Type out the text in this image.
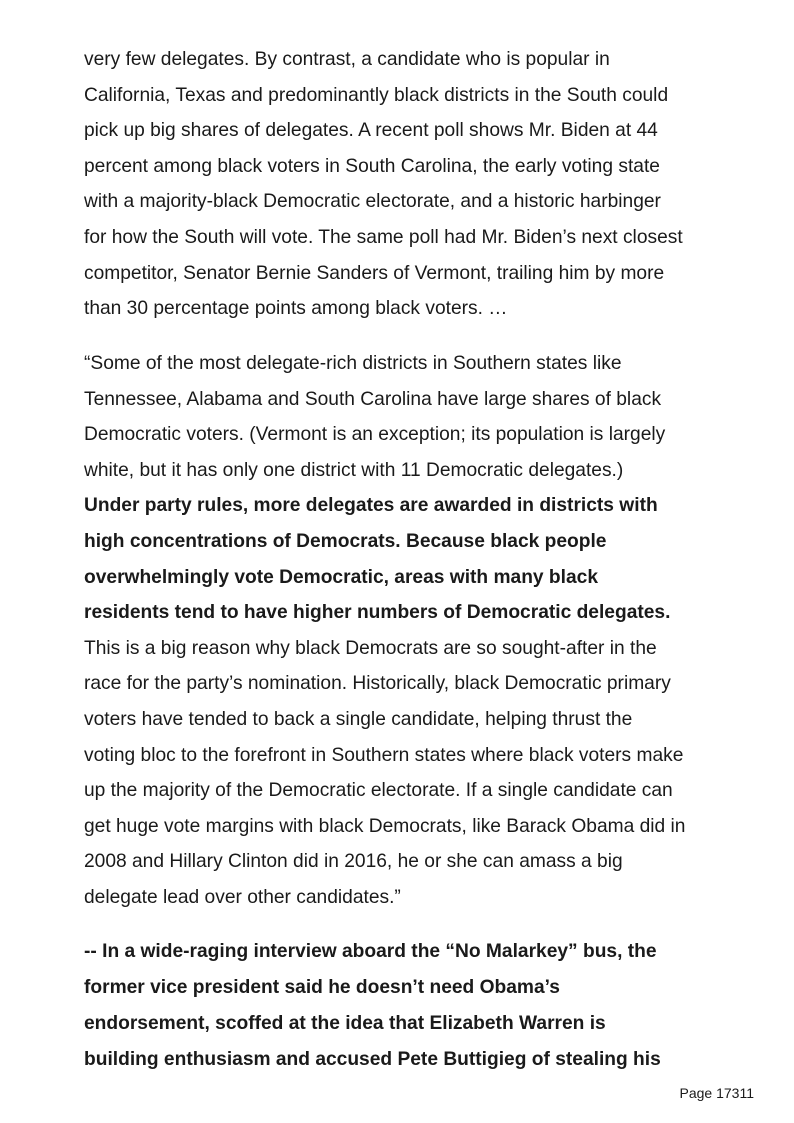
very few delegates. By contrast, a candidate who is popular in
California, Texas and predominantly black districts in the South could
pick up big shares of delegates. A recent poll shows Mr. Biden at 44
percent among black voters in South Carolina, the early voting state
with a majority-black Democratic electorate, and a historic harbinger
for how the South will vote. The same poll had Mr. Biden’s next closest
competitor, Senator Bernie Sanders of Vermont, trailing him by more
than 30 percentage points among black voters. …
“Some of the most delegate-rich districts in Southern states like
Tennessee, Alabama and South Carolina have large shares of black
Democratic voters. (Vermont is an exception; its population is largely
white, but it has only one district with 11 Democratic delegates.)
Under party rules, more delegates are awarded in districts with
high concentrations of Democrats. Because black people
overwhelmingly vote Democratic, areas with many black
residents tend to have higher numbers of Democratic delegates.
This is a big reason why black Democrats are so sought-after in the
race for the party’s nomination. Historically, black Democratic primary
voters have tended to back a single candidate, helping thrust the
voting bloc to the forefront in Southern states where black voters make
up the majority of the Democratic electorate. If a single candidate can
get huge vote margins with black Democrats, like Barack Obama did in
2008 and Hillary Clinton did in 2016, he or she can amass a big
delegate lead over other candidates.”
-- In a wide-raging interview aboard the “No Malarkey” bus, the
former vice president said he doesn’t need Obama’s
endorsement, scoffed at the idea that Elizabeth Warren is
building enthusiasm and accused Pete Buttigieg of stealing his
Page 17311
